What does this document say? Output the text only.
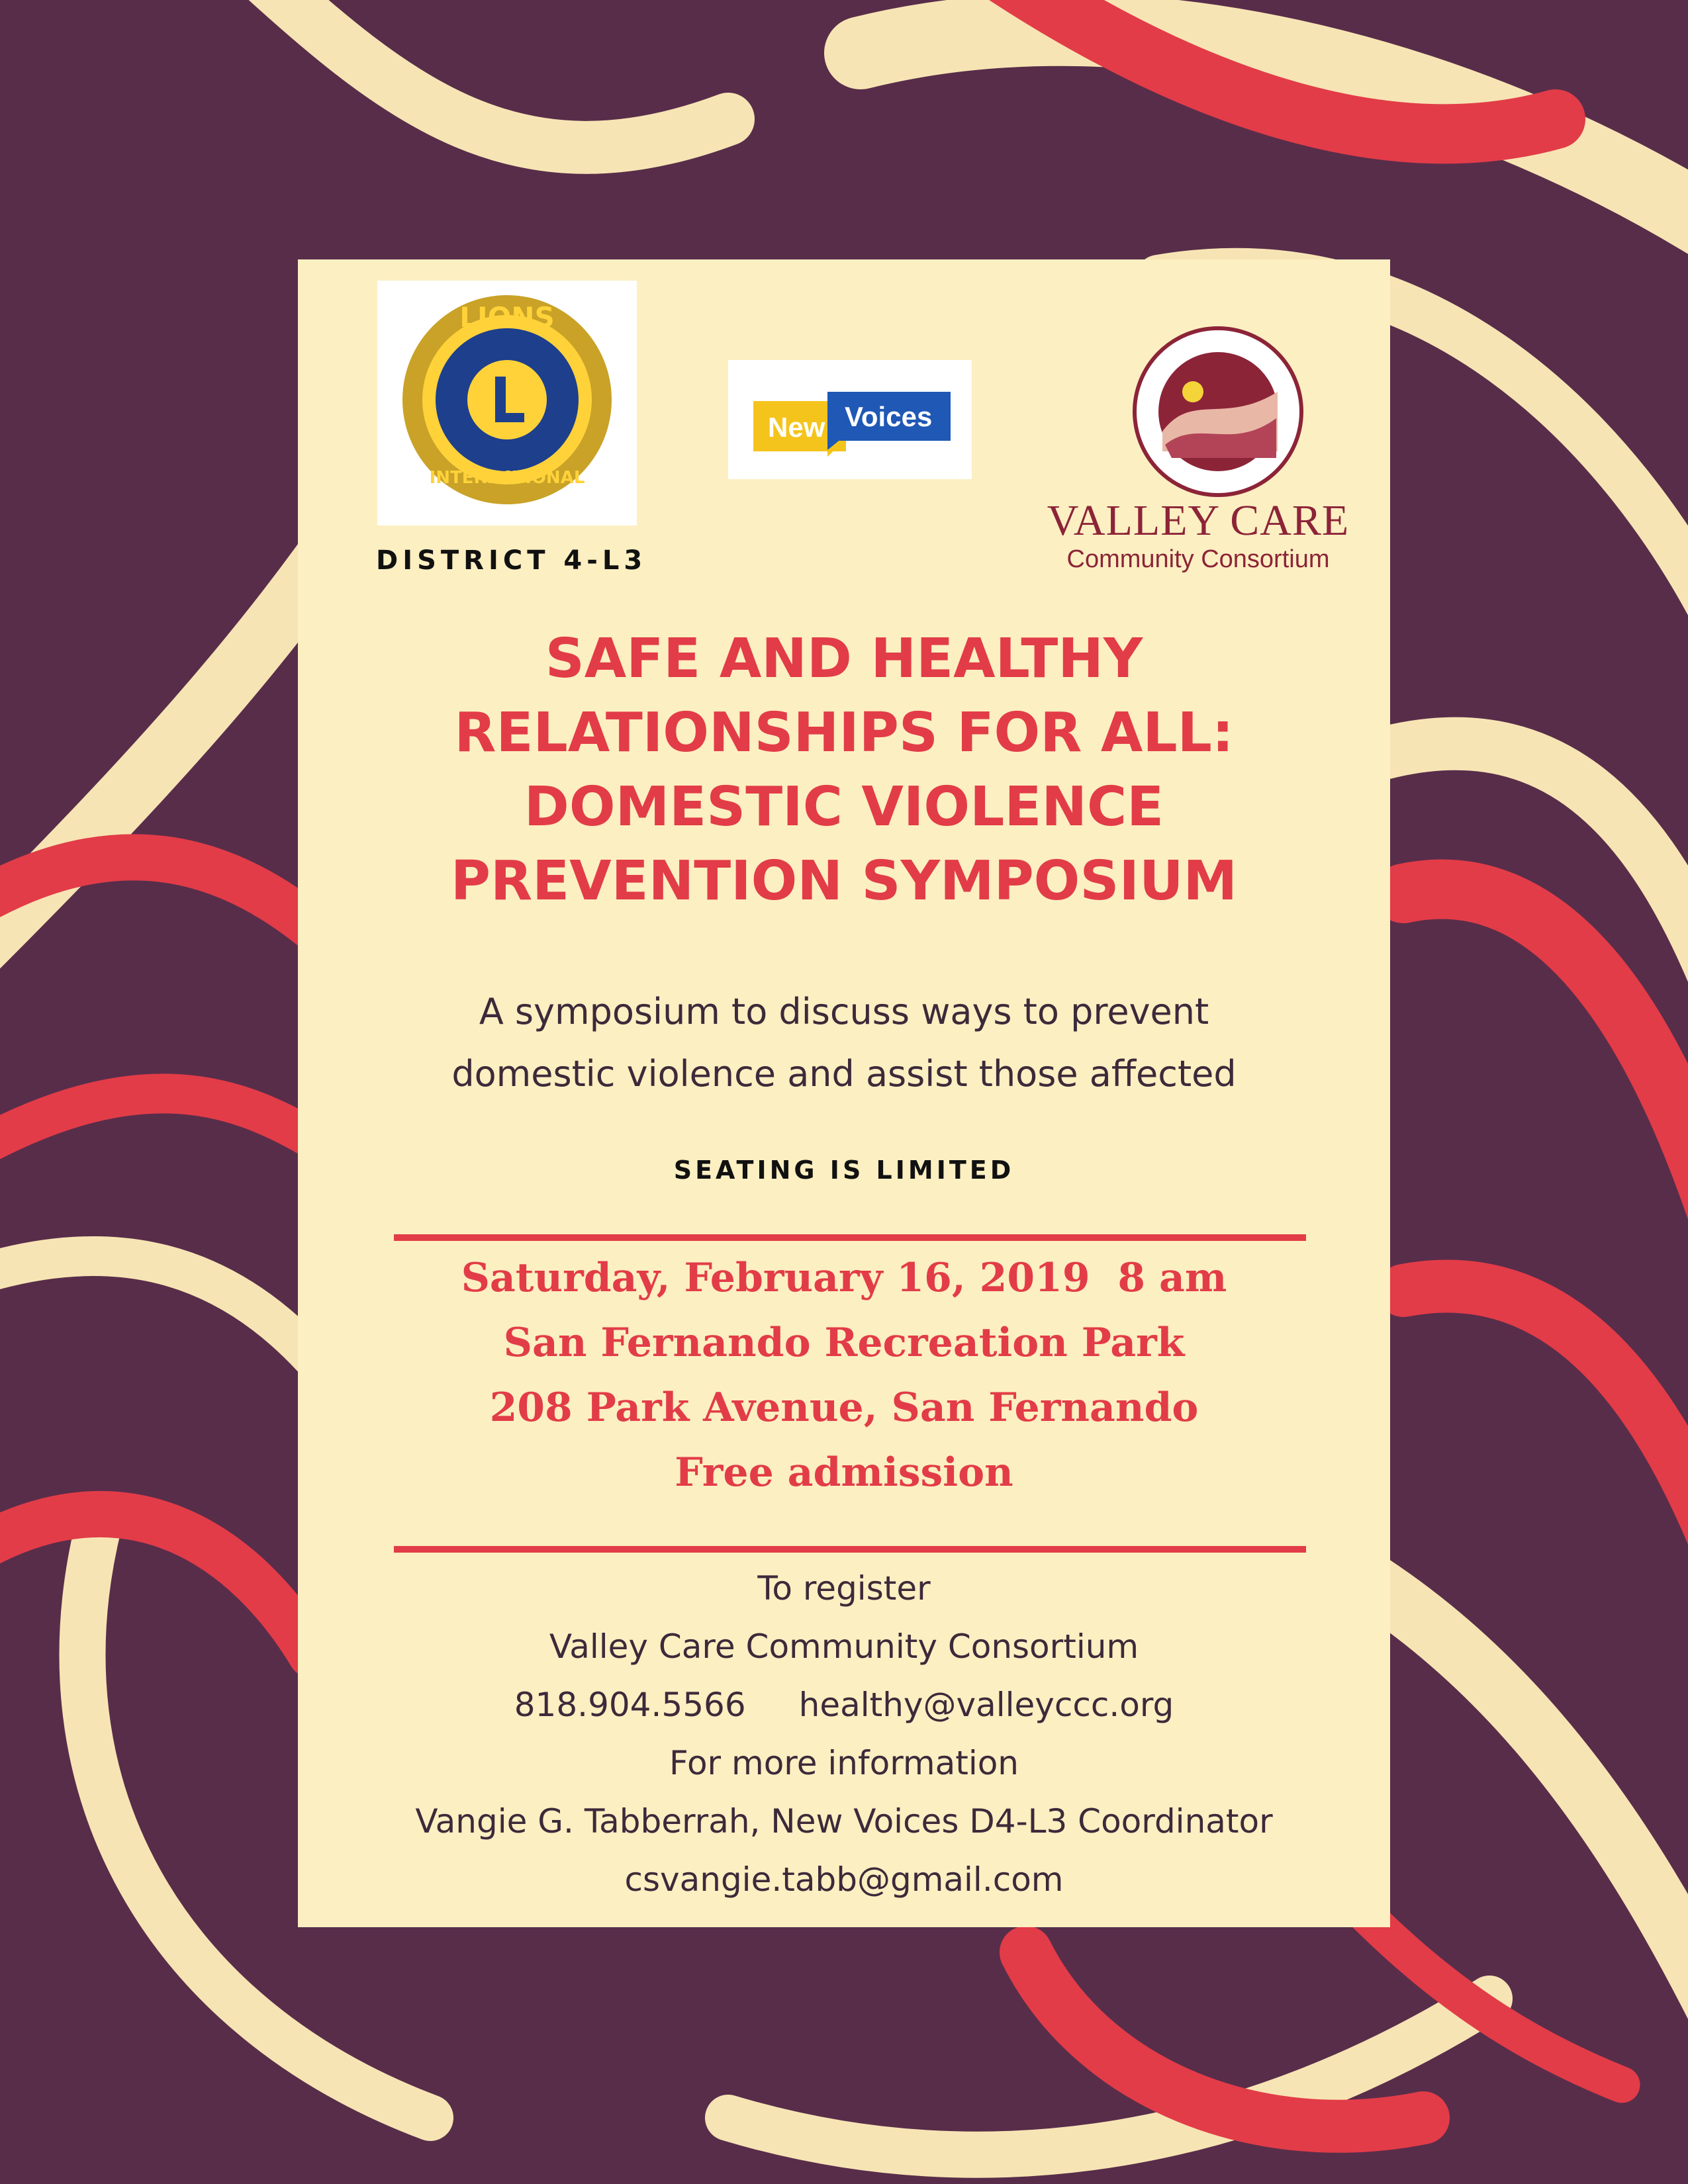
LIONS
INTERNATIONAL
DISTRICT 4-L3
New Voices
VALLEY CARE
Community Consortium
SAFE AND HEALTHY
RELATIONSHIPS FOR ALL:
DOMESTIC VIOLENCE
PREVENTION SYMPOSIUM
A symposium to discuss ways to prevent
domestic violence and assist those affected
SEATING IS LIMITED
Saturday, February 16, 2019  8 am
San Fernando Recreation Park
208 Park Avenue, San Fernando
Free admission
To register
Valley Care Community Consortium
818.904.5566 healthy@valleyccc.org
For more information
Vangie G. Tabberrah, New Voices D4-L3 Coordinator
csvangie.tabb@gmail.com
